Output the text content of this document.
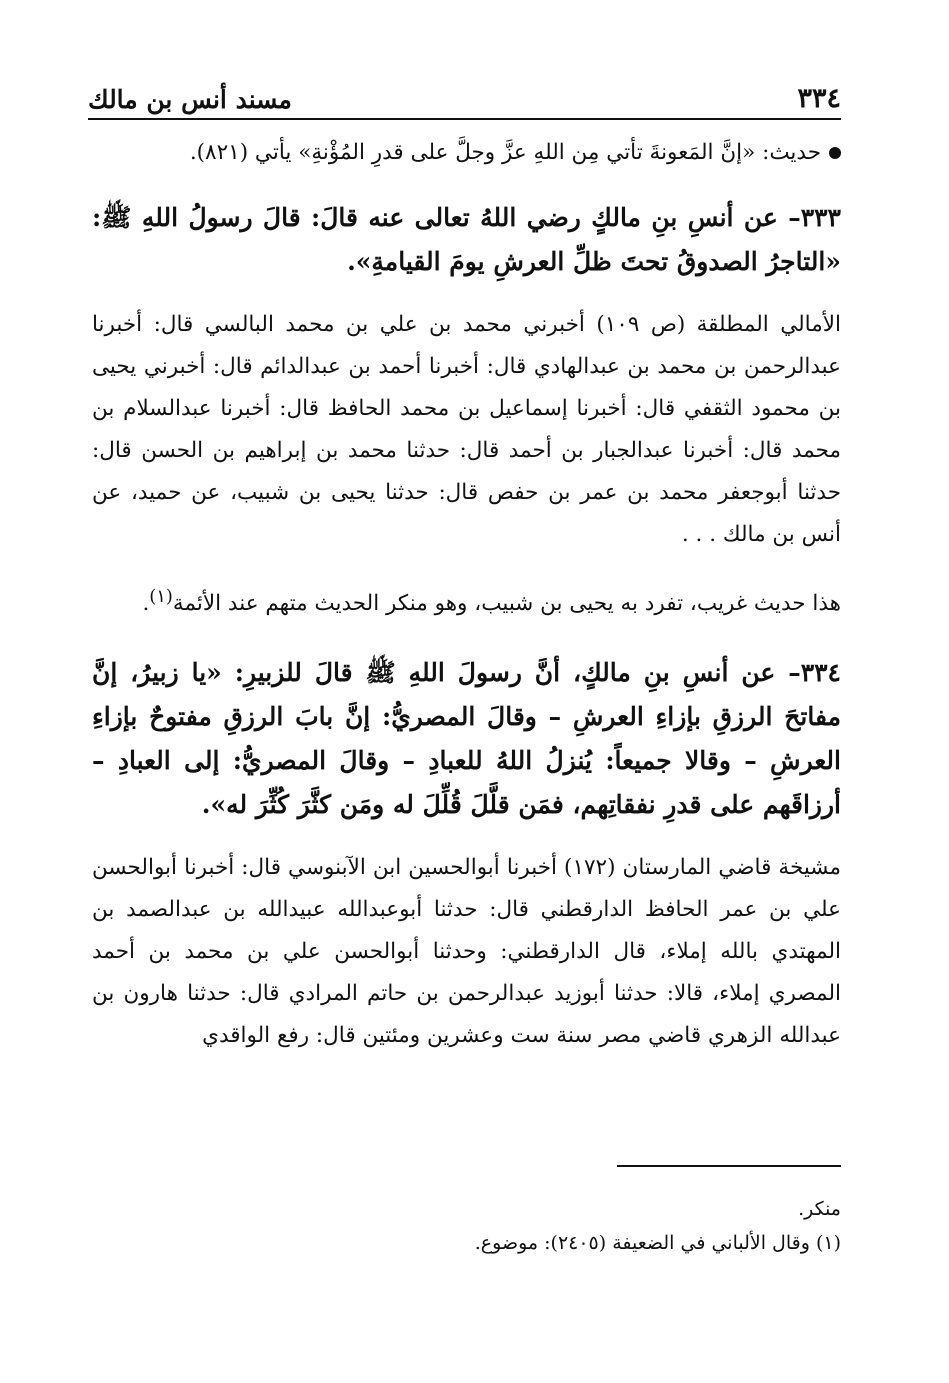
٣٣٤
مسند أنس بن مالك

حديث: «إنَّ المَعونةَ تأتي مِن اللهِ عزَّ وجلَّ على قدرِ المُؤْنةِ» يأتي (٨٢١).

٣٣٣– عن أنسِ بنِ مالكٍ رضي اللهُ تعالى عنه قالَ: قالَ رسولُ اللهِ ﷺ: «التاجرُ الصدوقُ تحتَ ظلِّ العرشِ يومَ القيامةِ».

الأمالي المطلقة (ص ١٠٩) أخبرني محمد بن علي بن محمد البالسي قال: أخبرنا عبدالرحمن بن محمد بن عبدالهادي قال: أخبرنا أحمد بن عبدالدائم قال: أخبرني يحيى بن محمود الثقفي قال: أخبرنا إسماعيل بن محمد الحافظ قال: أخبرنا عبدالسلام بن محمد قال: أخبرنا عبدالجبار بن أحمد قال: حدثنا محمد بن إبراهيم بن الحسن قال: حدثنا أبوجعفر محمد بن عمر بن حفص قال: حدثنا يحيى بن شبيب، عن حميد، عن أنس بن مالك . . .

هذا حديث غريب، تفرد به يحيى بن شبيب، وهو منكر الحديث متهم عند الأئمة$^{(١)}$.

٣٣٤– عن أنسِ بنِ مالكٍ، أنَّ رسولَ اللهِ ﷺ قالَ للزبيرِ: «يا زبيرُ، إنَّ مفاتحَ الرزقِ بإزاءِ العرشِ – وقالَ المصريُّ: إنَّ بابَ الرزقِ مفتوحٌ بإزاءِ العرشِ – وقالا جميعاً: يُنزلُ اللهُ للعبادِ – وقالَ المصريُّ: إلى العبادِ – أرزاقَهم على قدرِ نفقاتِهم، فمَن قلَّلَ قُلِّلَ له ومَن كثَّرَ كُثِّرَ له».

مشيخة قاضي المارستان (١٧٢) أخبرنا أبوالحسين ابن الآبنوسي قال: أخبرنا أبوالحسن علي بن عمر الحافظ الدارقطني قال: حدثنا أبوعبدالله عبيدالله بن عبدالصمد بن المهتدي بالله إملاء، قال الدارقطني: وحدثنا أبوالحسن علي بن محمد بن أحمد المصري إملاء، قالا: حدثنا أبوزيد عبدالرحمن بن حاتم المرادي قال: حدثنا هارون بن عبدالله الزهري قاضي مصر سنة ست وعشرين ومئتين قال: رفع الواقدي

منكر.

(١) وقال الألباني في الضعيفة (٢٤٠٥): موضوع.
